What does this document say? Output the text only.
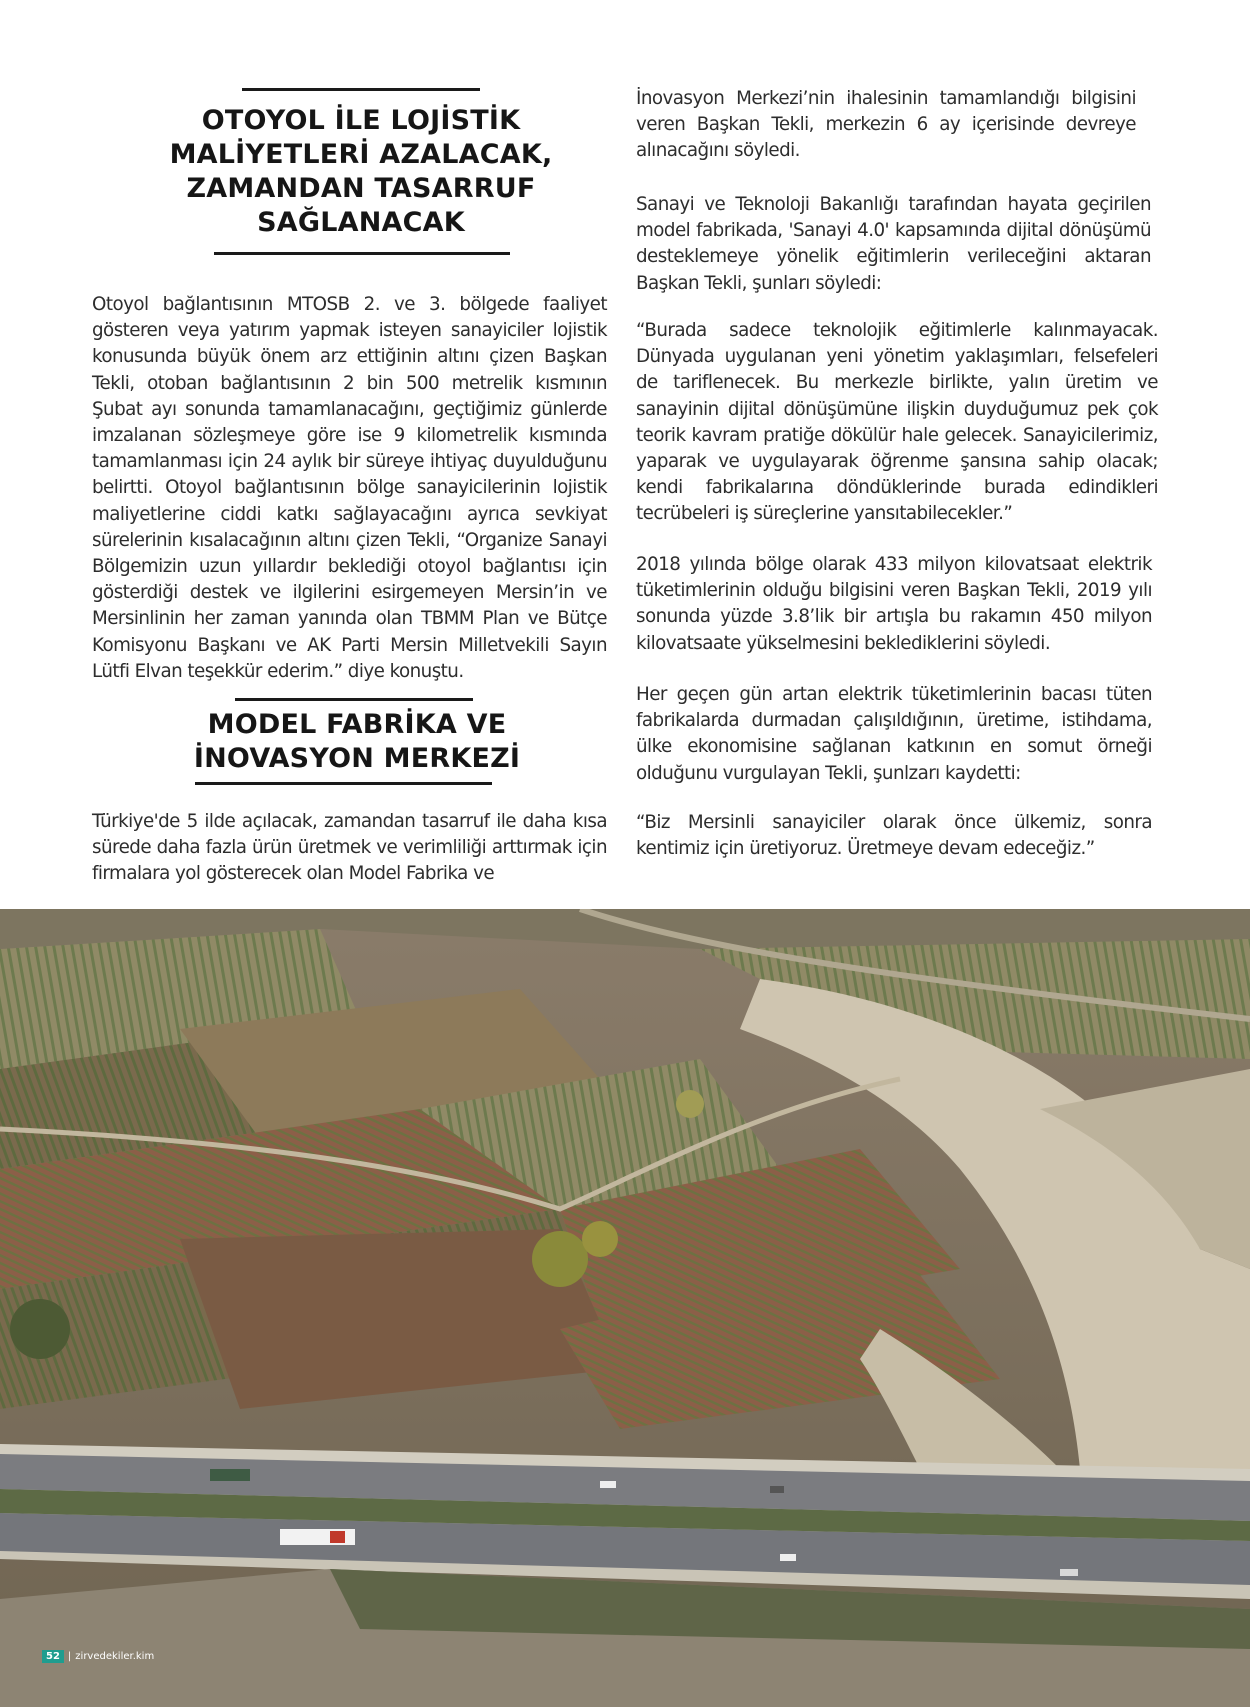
OTOYOL İLE LOJİSTİK
MALİYETLERİ AZALACAK,
ZAMANDAN TASARRUF
SAĞLANACAK

Otoyol bağlantısının MTOSB 2. ve 3. bölgede faaliyet gösteren veya yatırım yapmak isteyen sanayiciler lojistik konusunda büyük önem arz ettiğinin altını çizen Başkan Tekli, otoban bağlantısının 2 bin 500 metrelik kısmının Şubat ayı sonunda tamamlanacağını, geçtiğimiz günlerde imzalanan sözleşmeye göre ise 9 kilometrelik kısmında tamamlanması için 24 aylık bir süreye ihtiyaç duyulduğunu belirtti. Otoyol bağlantısının bölge sanayicilerinin lojistik maliyetlerine ciddi katkı sağlayacağını ayrıca sevkiyat sürelerinin kısalacağının altını çizen Tekli, “Organize Sanayi Bölgemizin uzun yıllardır beklediği otoyol bağlantısı için gösterdiği destek ve ilgilerini esirgemeyen Mersin’in ve Mersinlinin her zaman yanında olan TBMM Plan ve Bütçe Komisyonu Başkanı ve AK Parti Mersin Milletvekili Sayın Lütfi Elvan teşekkür ederim.” diye konuştu.

MODEL FABRİKA VE
İNOVASYON MERKEZİ

Türkiye'de 5 ilde açılacak, zamandan tasarruf ile daha kısa sürede daha fazla ürün üretmek ve verimliliği arttırmak için firmalara yol gösterecek olan Model Fabrika ve

İnovasyon Merkezi’nin ihalesinin tamamlandığı bilgisini veren Başkan Tekli, merkezin 6 ay içerisinde devreye alınacağını söyledi.

Sanayi ve Teknoloji Bakanlığı tarafından hayata geçirilen model fabrikada, 'Sanayi 4.0' kapsamında dijital dönüşümü desteklemeye yönelik eğitimlerin verileceğini aktaran Başkan Tekli, şunları söyledi:

“Burada sadece teknolojik eğitimlerle kalınmayacak. Dünyada uygulanan yeni yönetim yaklaşımları, felsefeleri de tariflenecek. Bu merkezle birlikte, yalın üretim ve sanayinin dijital dönüşümüne ilişkin duyduğumuz pek çok teorik kavram pratiğe dökülür hale gelecek. Sanayicilerimiz, yaparak ve uygulayarak öğrenme şansına sahip olacak; kendi fabrikalarına döndüklerinde burada edindikleri tecrübeleri iş süreçlerine yansıtabilecekler.”

2018 yılında bölge olarak 433 milyon kilovatsaat elektrik tüketimlerinin olduğu bilgisini veren Başkan Tekli, 2019 yılı sonunda yüzde 3.8’lik bir artışla bu rakamın 450 milyon kilovatsaate yükselmesini beklediklerini söyledi.

Her geçen gün artan elektrik tüketimlerinin bacası tüten fabrikalarda durmadan çalışıldığının, üretime, istihdama, ülke ekonomisine sağlanan katkının en somut örneği olduğunu vurgulayan Tekli, şunlzarı kaydetti:

“Biz Mersinli sanayiciler olarak önce ülkemiz, sonra kentimiz için üretiyoruz. Üretmeye devam edeceğiz.”

52 | zirvedekiler.kim
